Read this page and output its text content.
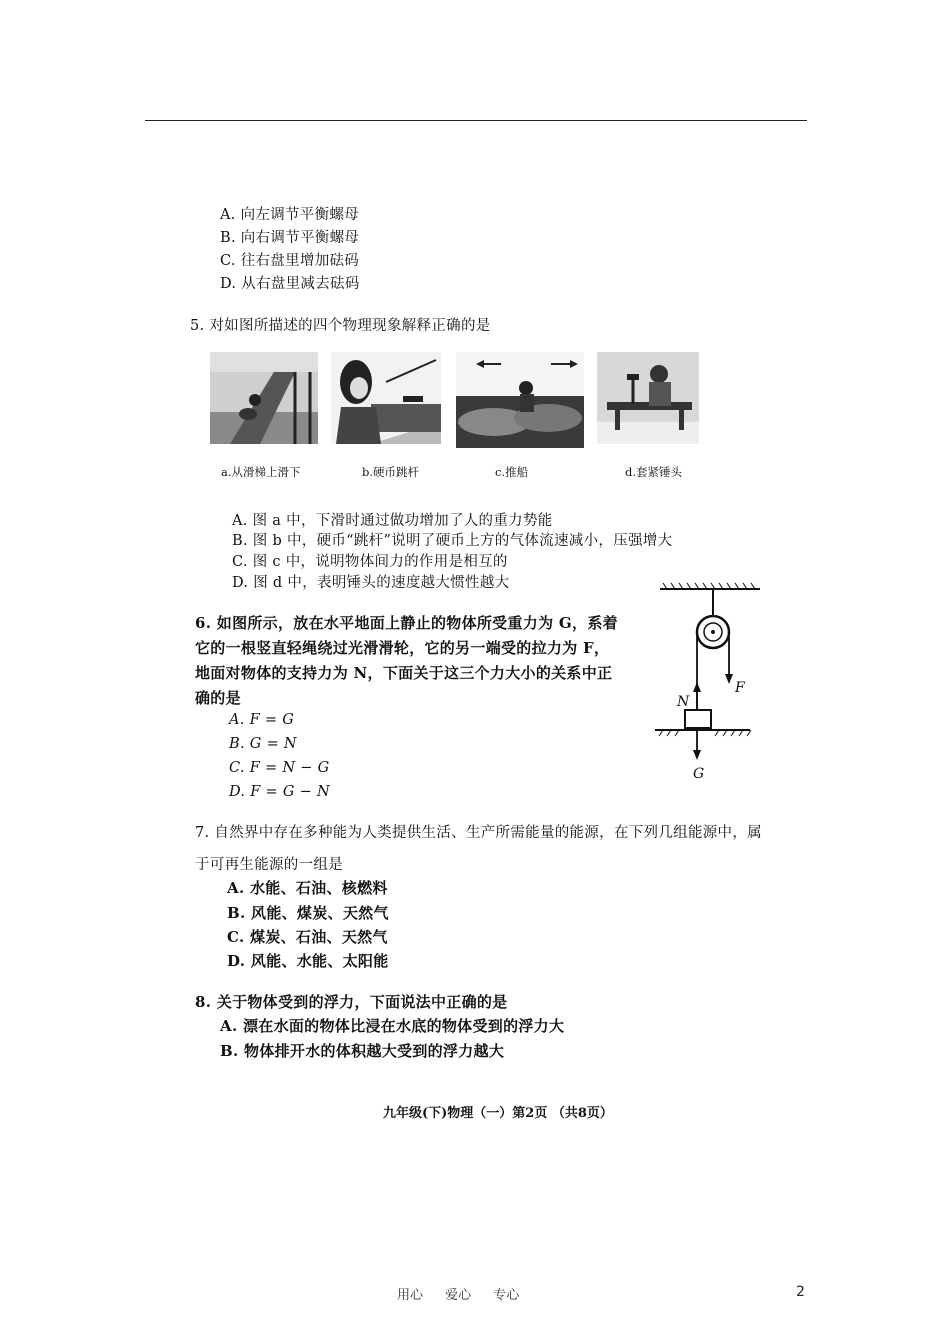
A. 向左调节平衡螺母
B. 向右调节平衡螺母
C. 往右盘里增加砝码
D. 从右盘里减去砝码
5. 对如图所描述的四个物理现象解释正确的是
a.从滑梯上滑下	b.硬币跳杆	c.推船	d.套紧锤头
A. 图 a 中，下滑时通过做功增加了人的重力势能
B. 图 b 中，硬币“跳杆”说明了硬币上方的气体流速减小，压强增大
C. 图 c 中，说明物体间力的作用是相互的
D. 图 d 中，表明锤头的速度越大惯性越大
6. 如图所示，放在水平地面上静止的物体所受重力为 G，系着
它的一根竖直轻绳绕过光滑滑轮，它的另一端受的拉力为 F，
地面对物体的支持力为 N，下面关于这三个力大小的关系中正
确的是
A. F = G
B. G = N
C. F = N − G
D. F = G − N
F
N
G
7. 自然界中存在多种能为人类提供生活、生产所需能量的能源，在下列几组能源中，属
于可再生能源的一组是
A. 水能、石油、核燃料
B. 风能、煤炭、天然气
C. 煤炭、石油、天然气
D. 风能、水能、太阳能
8. 关于物体受到的浮力，下面说法中正确的是
A. 漂在水面的物体比浸在水底的物体受到的浮力大
B. 物体排开水的体积越大受到的浮力越大
九年级(下)物理（一）第2页 （共8页）
用心 爱心 专心	2
